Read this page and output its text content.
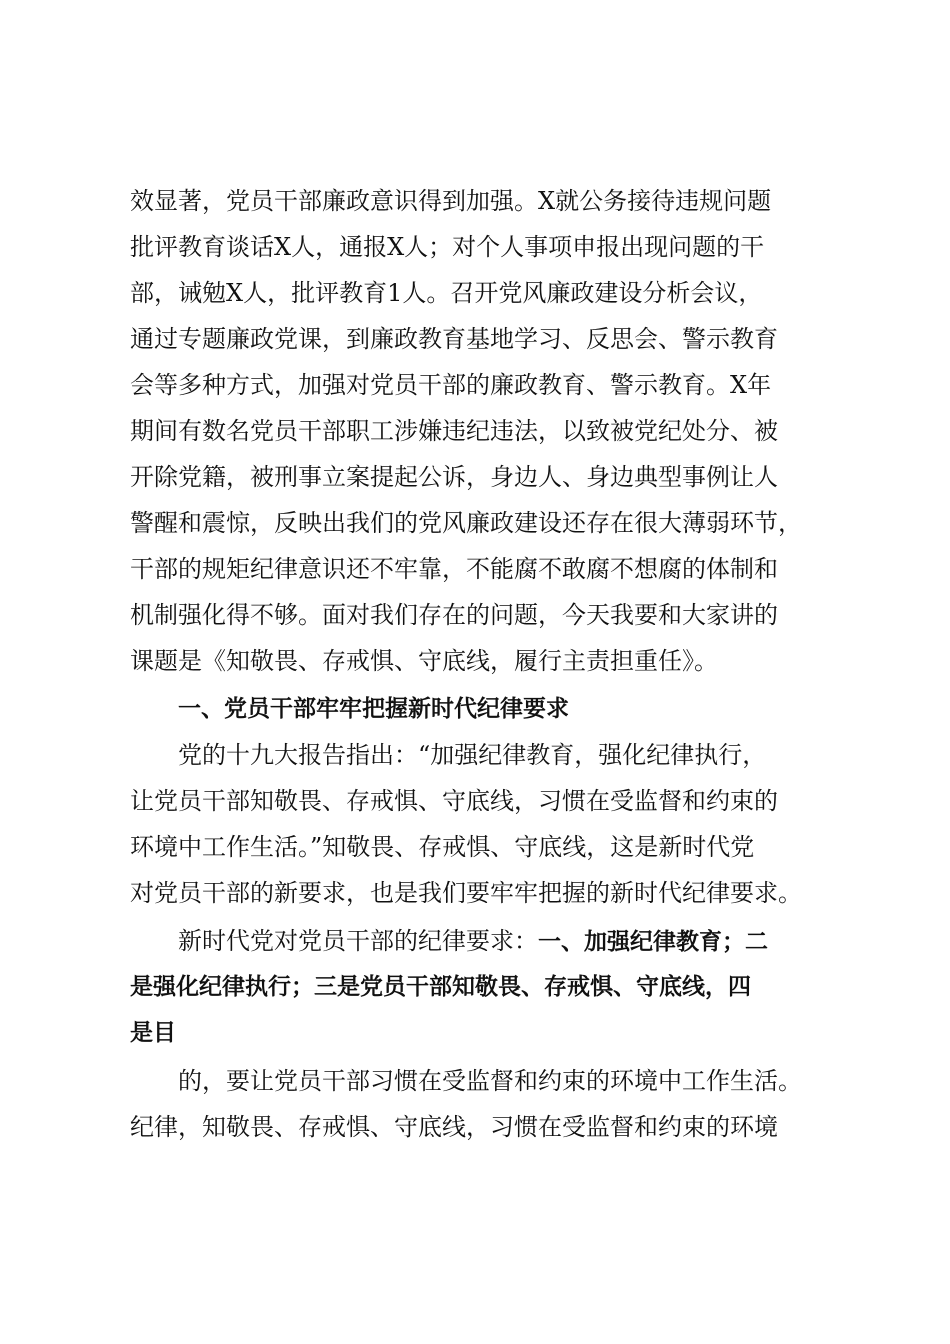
效显著，党员干部廉政意识得到加强。X就公务接待违规问题
批评教育谈话X人，通报X人；对个人事项申报出现问题的干
部，诫勉X人，批评教育1人。召开党风廉政建设分析会议，
通过专题廉政党课，到廉政教育基地学习、反思会、警示教育
会等多种方式，加强对党员干部的廉政教育、警示教育。X年
期间有数名党员干部职工涉嫌违纪违法，以致被党纪处分、被
开除党籍，被刑事立案提起公诉，身边人、身边典型事例让人
警醒和震惊，反映出我们的党风廉政建设还存在很大薄弱环节，
干部的规矩纪律意识还不牢靠，不能腐不敢腐不想腐的体制和
机制强化得不够。面对我们存在的问题，今天我要和大家讲的
课题是《知敬畏、存戒惧、守底线，履行主责担重任》。
一、党员干部牢牢把握新时代纪律要求
党的十九大报告指出：“加强纪律教育，强化纪律执行，
让党员干部知敬畏、存戒惧、守底线，习惯在受监督和约束的
环境中工作生活。”知敬畏、存戒惧、守底线，这是新时代党
对党员干部的新要求，也是我们要牢牢把握的新时代纪律要求。
新时代党对党员干部的纪律要求：一、加强纪律教育；二
是强化纪律执行；三是党员干部知敬畏、存戒惧、守底线，四
是目
的，要让党员干部习惯在受监督和约束的环境中工作生活。
纪律，知敬畏、存戒惧、守底线，习惯在受监督和约束的环境
